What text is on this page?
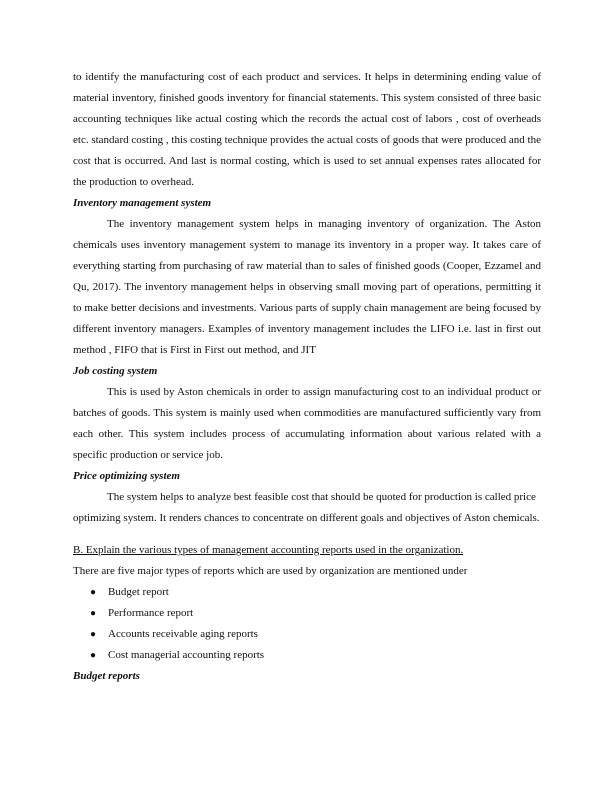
to identify the manufacturing cost of each product and services. It helps in determining ending value of material inventory, finished goods inventory for financial statements. This system consisted of three basic accounting techniques like actual costing which the records the actual cost of labors , cost of overheads etc. standard costing , this costing technique provides the actual costs of goods that were produced and the cost that is occurred. And last is normal costing, which is used to set annual expenses rates allocated for the production to overhead.

Inventory management system

The inventory management system helps in managing inventory of organization. The Aston chemicals uses inventory management system to manage its inventory in a proper way. It takes care of everything starting from purchasing of raw material than to sales of finished goods (Cooper, Ezzamel and Qu, 2017). The inventory management helps in observing small moving part of operations, permitting it to make better decisions and investments. Various parts of supply chain management are being focused by different inventory managers. Examples of inventory management includes the LIFO i.e. last in first out method , FIFO that is First in First out method, and JIT

Job costing system

This is used by Aston chemicals in order to assign manufacturing cost to an individual product or batches of goods. This system is mainly used when commodities are manufactured sufficiently vary from each other. This system includes process of accumulating information about various related with a specific production or service job.

Price optimizing system

The system helps to analyze best feasible cost that should be quoted for production is called price optimizing system. It renders chances to concentrate on different goals and objectives of Aston chemicals.

B. Explain the various types of management accounting reports used in the organization.

There are five major types of reports which are used by organization are mentioned under

● Budget report
● Performance report
● Accounts receivable aging reports
● Cost managerial accounting reports

Budget reports
